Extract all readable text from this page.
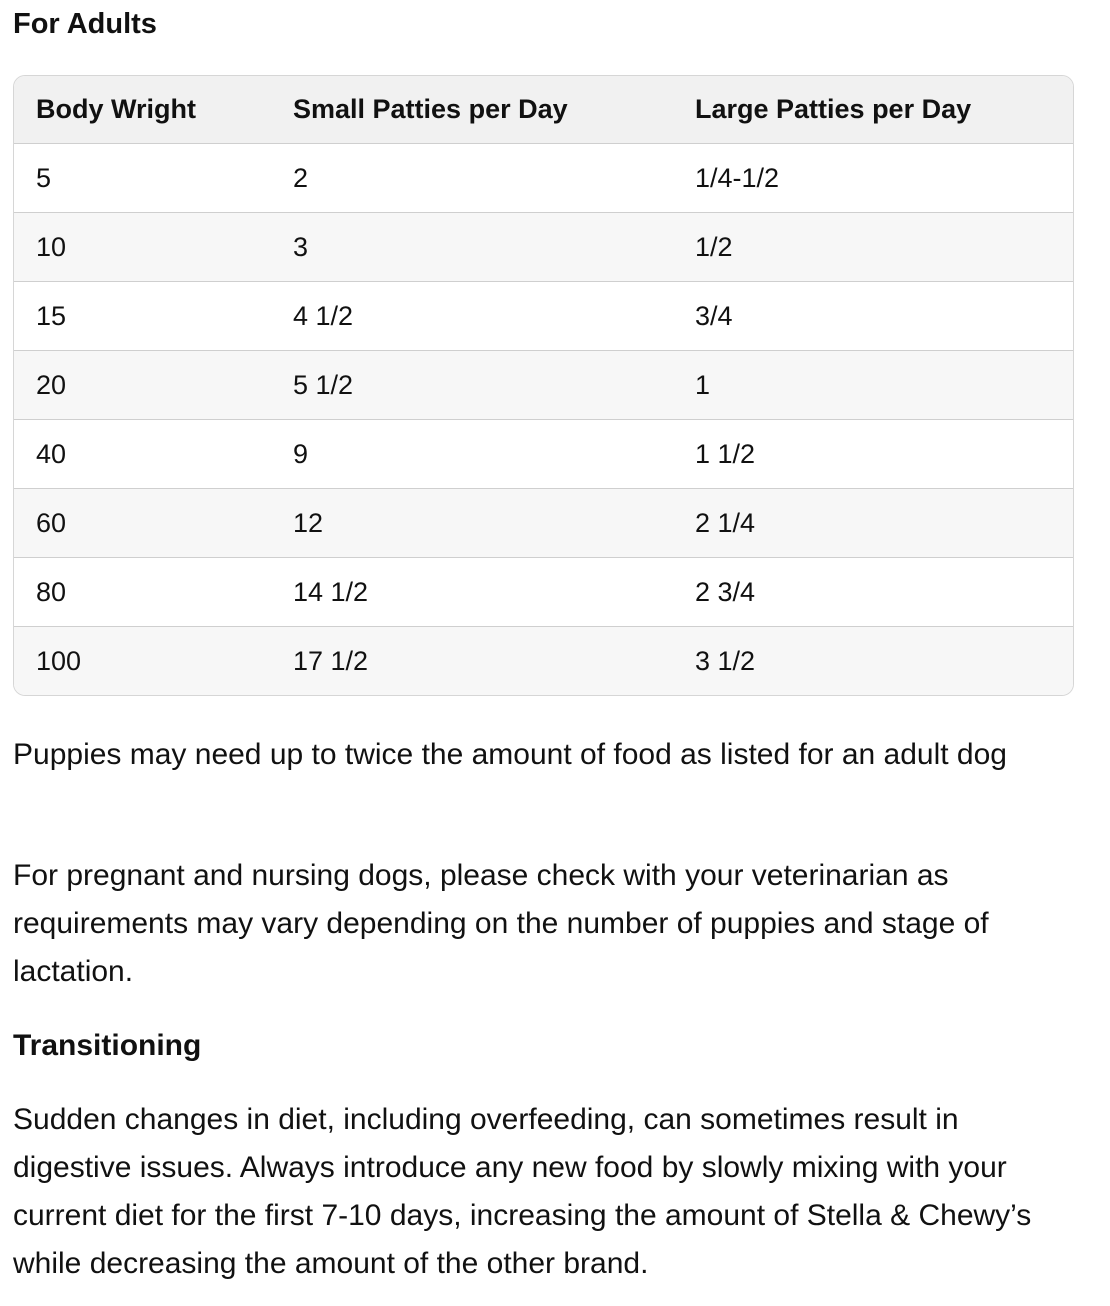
For Adults
Body Wright	Small Patties per Day	Large Patties per Day
5	2	1/4-1/2
10	3	1/2
15	4 1/2	3/4
20	5 1/2	1
40	9	1 1/2
60	12	2 1/4
80	14 1/2	2 3/4
100	17 1/2	3 1/2

Puppies may need up to twice the amount of food as listed for an adult dog

For pregnant and nursing dogs, please check with your veterinarian as requirements may vary depending on the number of puppies and stage of lactation.

Transitioning

Sudden changes in diet, including overfeeding, can sometimes result in digestive issues. Always introduce any new food by slowly mixing with your current diet for the first 7-10 days, increasing the amount of Stella & Chewy’s while decreasing the amount of the other brand.
